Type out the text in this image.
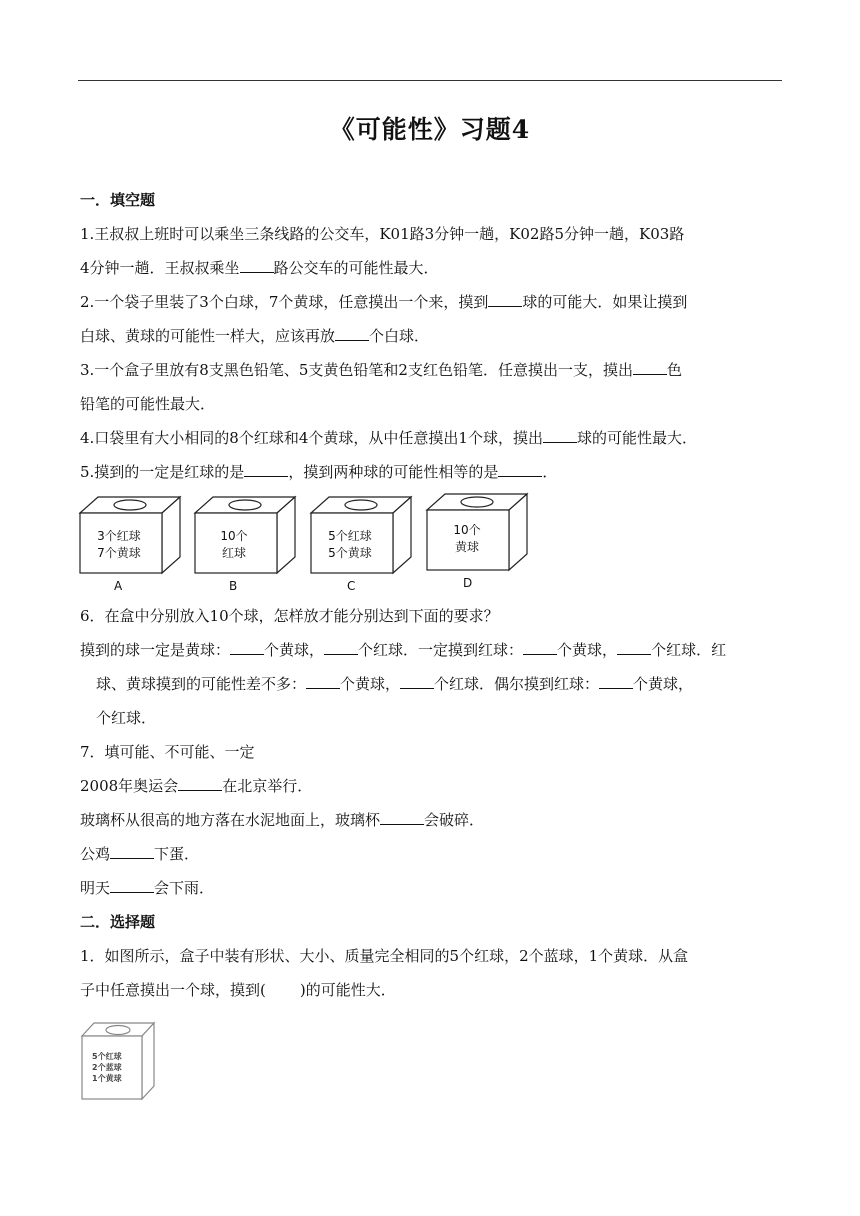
《可能性》习题4
一．填空题
1.王叔叔上班时可以乘坐三条线路的公交车，K01路3分钟一趟，K02路5分钟一趟，K03路
4分钟一趟．王叔叔乘坐 路公交车的可能性最大．
2.一个袋子里装了3个白球，7个黄球，任意摸出一个来，摸到 球的可能大．如果让摸到
白球、黄球的可能性一样大，应该再放 个白球．
3.一个盒子里放有8支黑色铅笔、5支黄色铅笔和2支红色铅笔．任意摸出一支，摸出 色
铅笔的可能性最大．
4.口袋里有大小相同的8个红球和4个黄球，从中任意摸出1个球，摸出 球的可能性最大．
5.摸到的一定是红球的是	，摸到两种球的可能性相等的是	．
3个红球
7个黄球
A
10个
红球
B
5个红球
5个黄球
C
10个
黄球
D
6．在盒中分别放入10个球，怎样放才能分别达到下面的要求？
摸到的球一定是黄球： 个黄球， 个红球．一定摸到红球： 个黄球， 个红球．红
球、黄球摸到的可能性差不多： 个黄球， 个红球．偶尔摸到红球： 个黄球，
个红球．
7．填可能、不可能、一定
2008年奥运会	在北京举行．
玻璃杯从很高的地方落在水泥地面上，玻璃杯	会破碎．
公鸡	下蛋．
明天	会下雨．
二．选择题
1．如图所示，盒子中装有形状、大小、质量完全相同的5个红球，2个蓝球，1个黄球．从盒
子中任意摸出一个球，摸到( )的可能性大．
5个红球
2个蓝球
1个黄球
